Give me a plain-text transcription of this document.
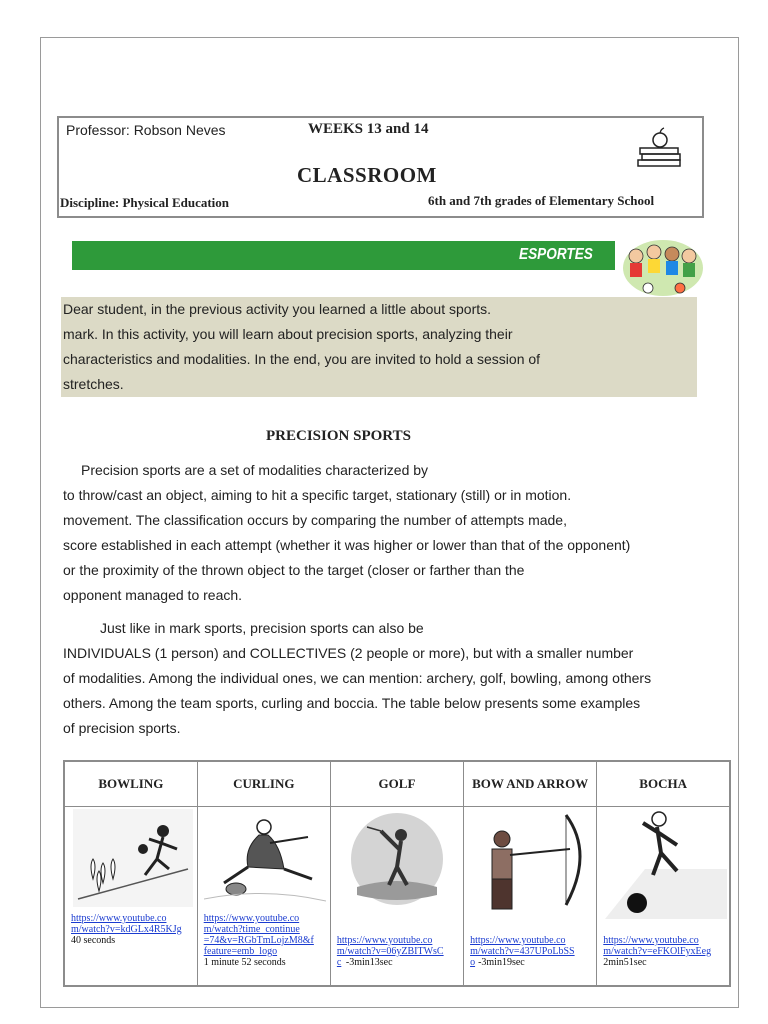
Professor: Robson Neves	WEEKS 13 and 14
CLASSROOM
Discipline: Physical Education	6th and 7th grades of Elementary School
ESPORTES

Dear student, in the previous activity you learned a little about sports.
mark. In this activity, you will learn about precision sports, analyzing their
characteristics and modalities. In the end, you are invited to hold a session of
stretches.

PRECISION SPORTS
Precision sports are a set of modalities characterized by
to throw/cast an object, aiming to hit a specific target, stationary (still) or in motion.
movement. The classification occurs by comparing the number of attempts made,
score established in each attempt (whether it was higher or lower than that of the opponent)
or the proximity of the thrown object to the target (closer or farther than the
opponent managed to reach.
Just like in mark sports, precision sports can also be
INDIVIDUALS (1 person) and COLLECTIVES (2 people or more), but with a smaller number
of modalities. Among the individual ones, we can mention: archery, golf, bowling, among others
others. Among the team sports, curling and boccia. The table below presents some examples
of precision sports.
BOWLING	CURLING	GOLF	BOW AND ARROW	BOCHA

https://www.youtube.co
m/watch?v=kdGLx4R5KJg
40 seconds	https://www.youtube.co
m/watch?time_continue
=74&v=RGbTmLojzM8&f
feature=emb_logo
1 minute 52 seconds	https://www.youtube.co
m/watch?v=06yZBITWsC
c -3min13sec	https://www.youtube.co
m/watch?v=437UPoLbSS
o -3min19sec	https://www.youtube.co
m/watch?v=eFKOlFyxEeg
2min51sec
